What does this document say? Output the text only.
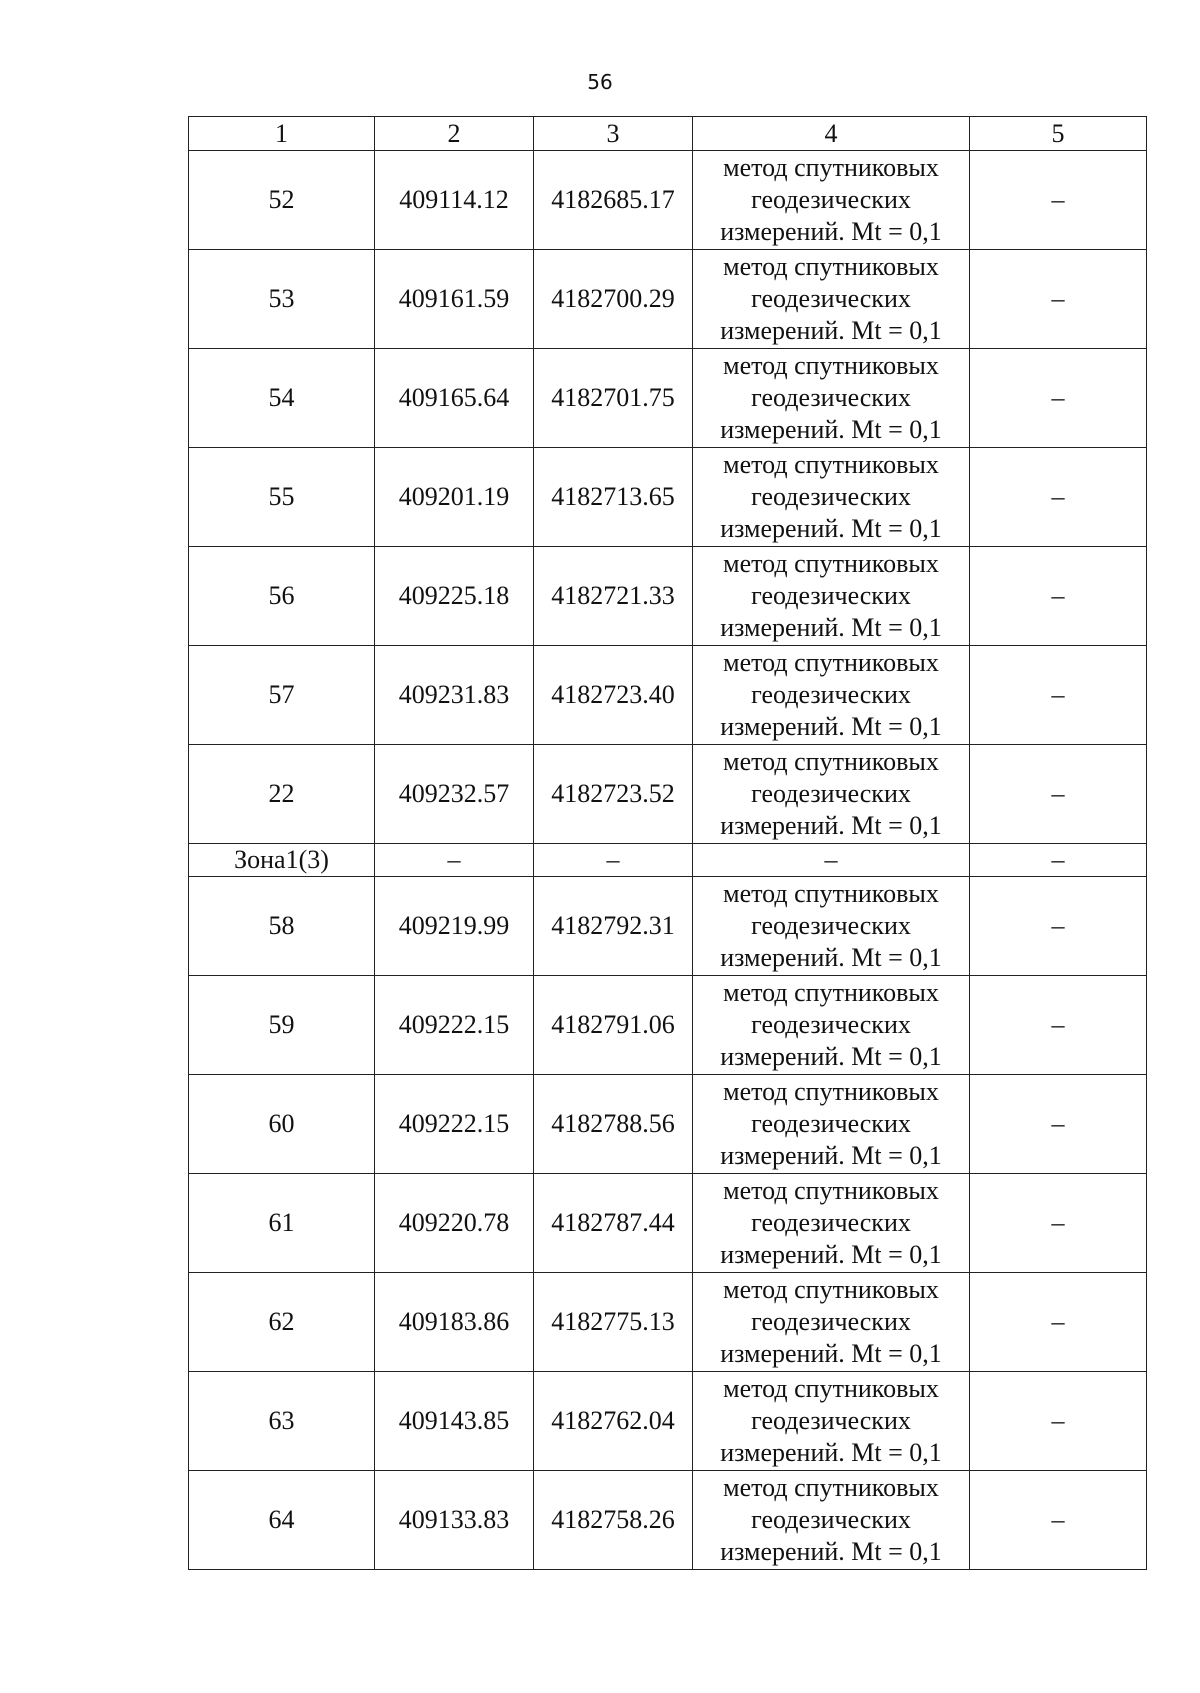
56
1	2	3	4	5
52	409114.12	4182685.17	метод спутниковых
геодезических
измерений. Mt = 0,1	–
53	409161.59	4182700.29	метод спутниковых
геодезических
измерений. Mt = 0,1	–
54	409165.64	4182701.75	метод спутниковых
геодезических
измерений. Mt = 0,1	–
55	409201.19	4182713.65	метод спутниковых
геодезических
измерений. Mt = 0,1	–
56	409225.18	4182721.33	метод спутниковых
геодезических
измерений. Mt = 0,1	–
57	409231.83	4182723.40	метод спутниковых
геодезических
измерений. Mt = 0,1	–
22	409232.57	4182723.52	метод спутниковых
геодезических
измерений. Mt = 0,1	–
Зона1(3)	–	–	–	–
58	409219.99	4182792.31	метод спутниковых
геодезических
измерений. Mt = 0,1	–
59	409222.15	4182791.06	метод спутниковых
геодезических
измерений. Mt = 0,1	–
60	409222.15	4182788.56	метод спутниковых
геодезических
измерений. Mt = 0,1	–
61	409220.78	4182787.44	метод спутниковых
геодезических
измерений. Mt = 0,1	–
62	409183.86	4182775.13	метод спутниковых
геодезических
измерений. Mt = 0,1	–
63	409143.85	4182762.04	метод спутниковых
геодезических
измерений. Mt = 0,1	–
64	409133.83	4182758.26	метод спутниковых
геодезических
измерений. Mt = 0,1	–
